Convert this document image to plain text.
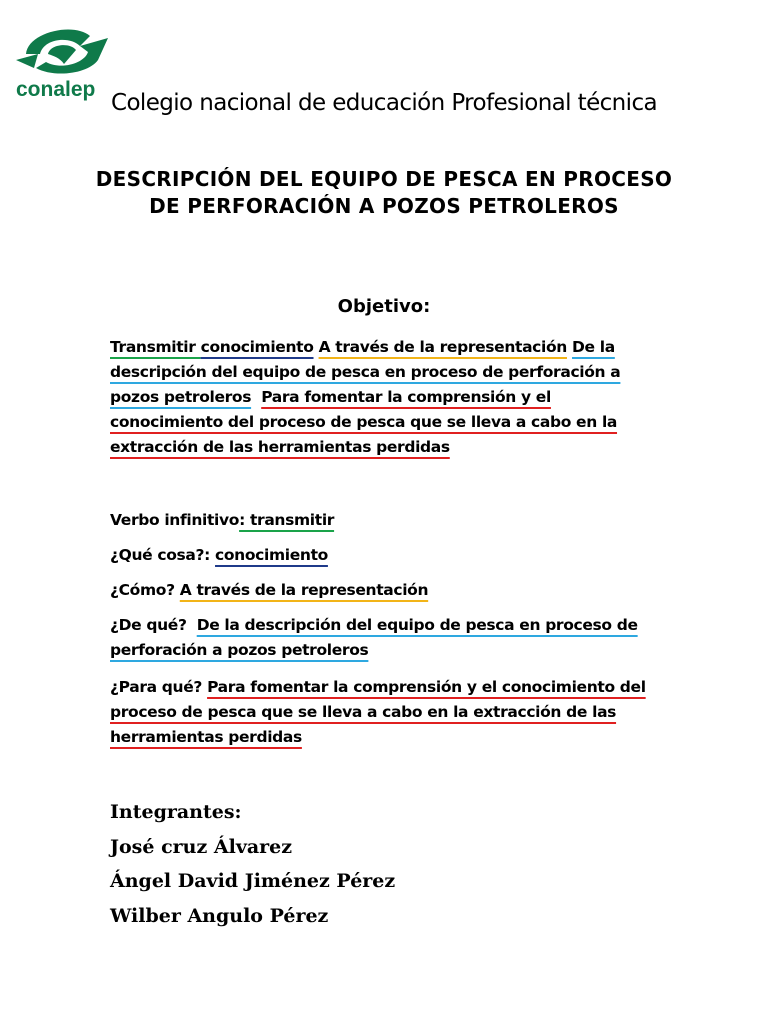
conalep
Colegio nacional de educación Profesional técnica
DESCRIPCIÓN DEL EQUIPO DE PESCA EN PROCESO DE PERFORACIÓN A POZOS PETROLEROS
Objetivo:
Transmitir conocimiento A través de la representación De la descripción del equipo de pesca en proceso de perforación a pozos petroleros Para fomentar la comprensión y el conocimiento del proceso de pesca que se lleva a cabo en la extracción de las herramientas perdidas
Verbo infinitivo: transmitir
¿Qué cosa?: conocimiento
¿Cómo? A través de la representación
¿De qué? De la descripción del equipo de pesca en proceso de perforación a pozos petroleros
¿Para qué? Para fomentar la comprensión y el conocimiento del proceso de pesca que se lleva a cabo en la extracción de las herramientas perdidas
Integrantes:
José cruz Álvarez
Ángel David Jiménez Pérez
Wilber Angulo Pérez
